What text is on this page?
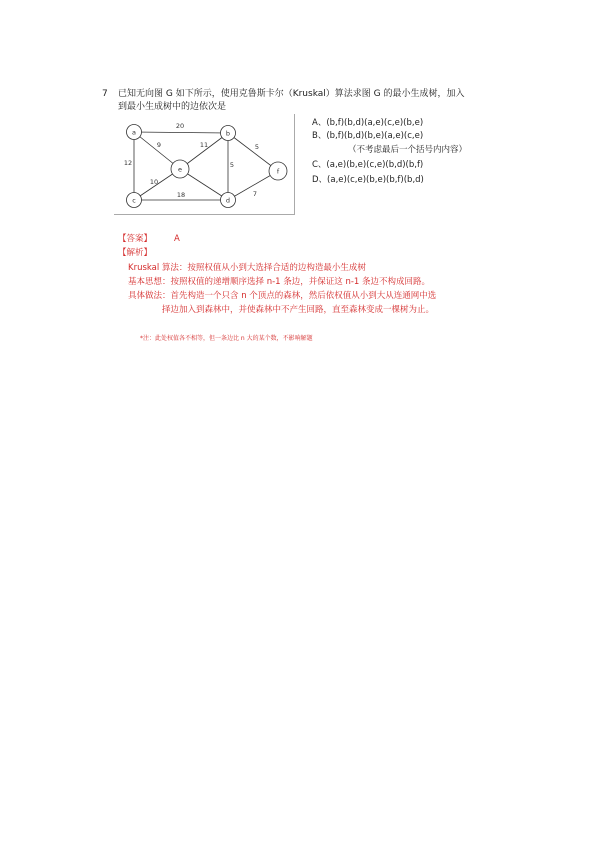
7 已知无向图 G 如下所示，使用克鲁斯卡尔（Kruskal）算法求图 G 的最小生成树，加入
到最小生成树中的边依次是
20
9
12
11
5
5
10
18	7
a	b
e	f
c	d
A、(b,f)(b,d)(a,e)(c,e)(b,e)
B、(b,f)(b,d)(b,e)(a,e)(c,e)
（不考虑最后一个括号内内容）
C、(a,e)(b,e)(c,e)(b,d)(b,f)
D、(a,e)(c,e)(b,e)(b,f)(b,d)
【答案】	A
【解析】
Kruskal 算法：按照权值从小到大选择合适的边构造最小生成树
基本思想：按照权值的递增顺序选择 n-1 条边，并保证这 n-1 条边不构成回路。
具体做法：首先构造一个只含 n 个顶点的森林，然后依权值从小到大从连通网中选
择边加入到森林中，并使森林中不产生回路，直至森林变成一棵树为止。
*注：此处权值各不相等，但一条边比 n 大的某个数，不影响解题
